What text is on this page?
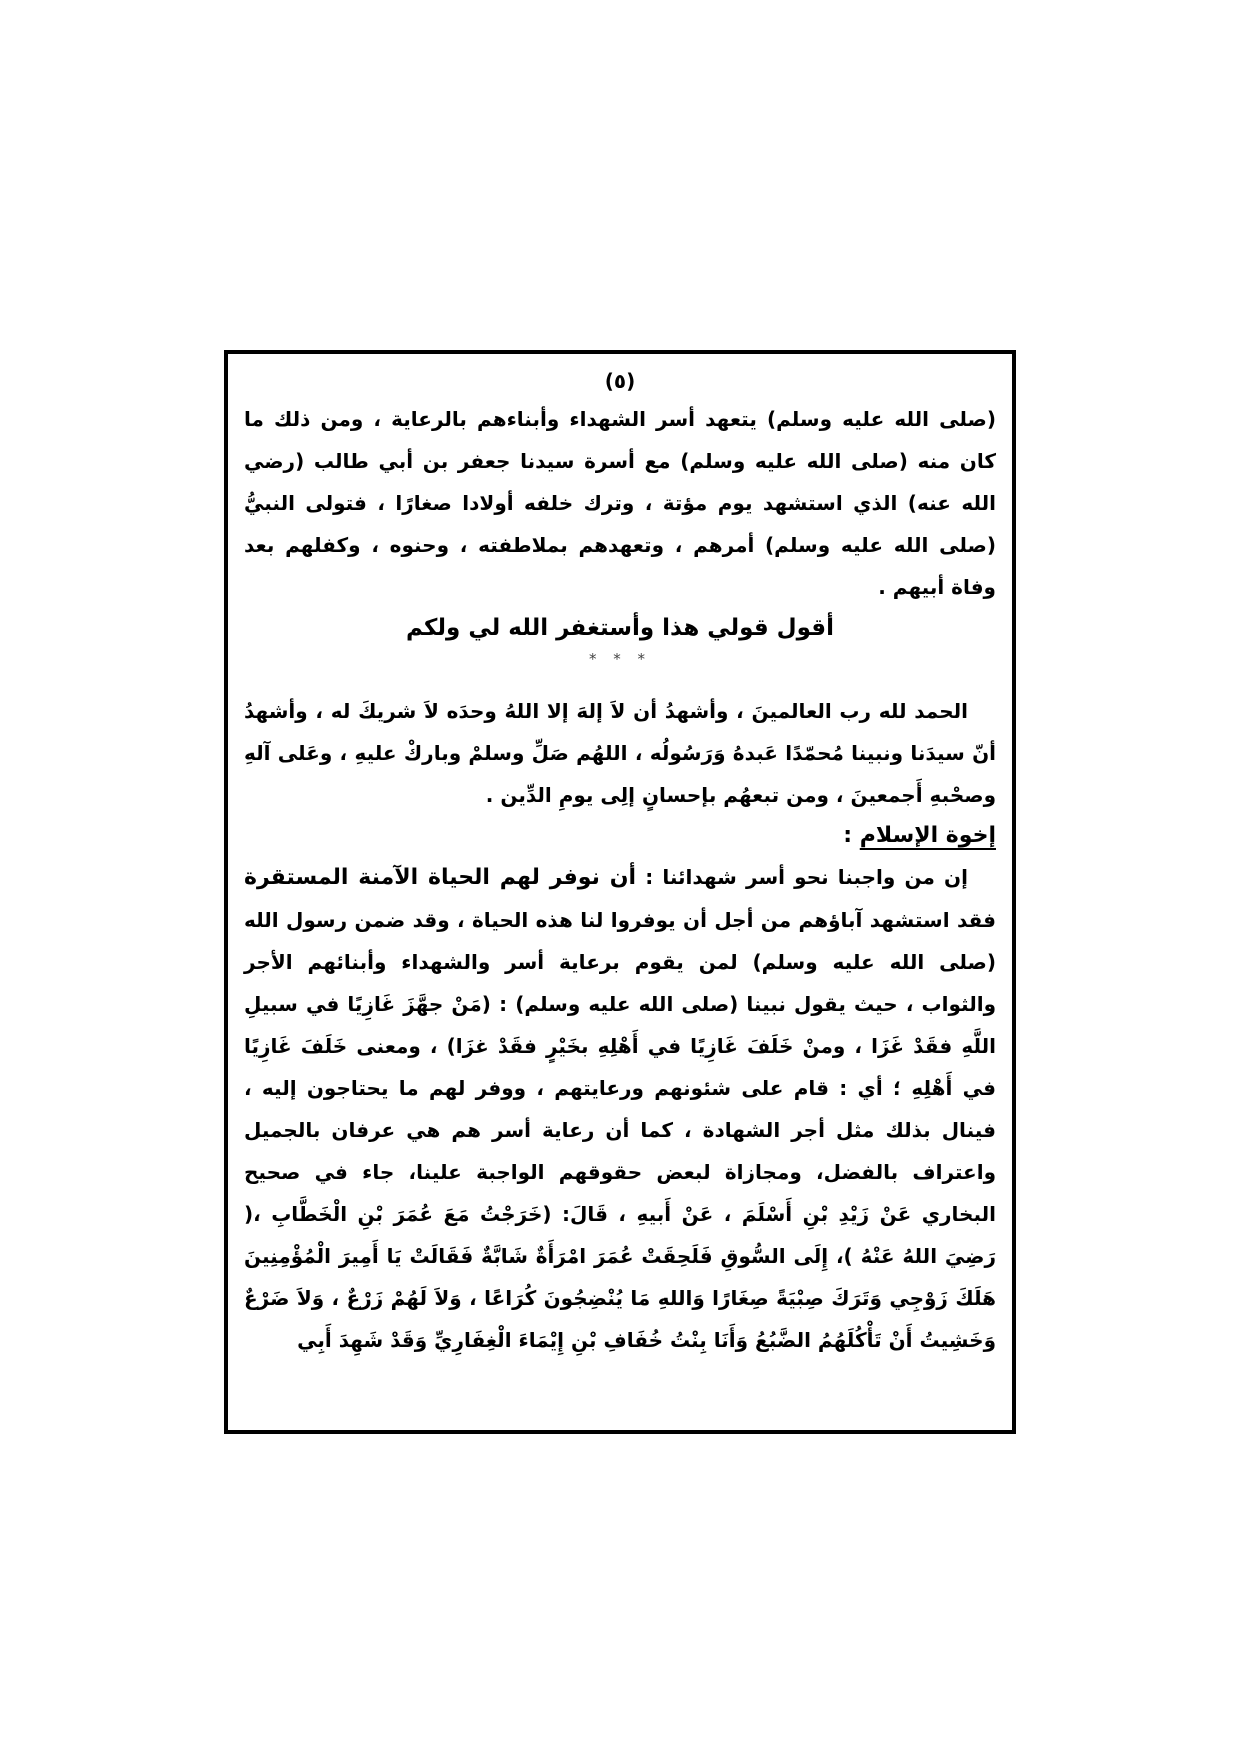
(٥)

(صلى الله عليه وسلم) يتعهد أسر الشهداء وأبناءهم بالرعاية ، ومن ذلك ما كان منه (صلى الله عليه وسلم) مع أسرة سيدنا جعفر بن أبي طالب (رضي الله عنه) الذي استشهد يوم مؤتة ، وترك خلفه أولادا صغارًا ، فتولى النبيُّ (صلى الله عليه وسلم) أمرهم ، وتعهدهم بملاطفته ، وحنوه ، وكفلهم بعد وفاة أبيهم .

أقول قولي هذا وأستغفر الله لي ولكم

* * *

الحمد لله رب العالمينَ ، وأشهدُ أن لاَ إلهَ إلا اللهُ وحدَه لاَ شريكَ له ، وأشهدُ أنّ سيدَنا ونبينا مُحمّدًا عَبدهُ وَرَسُولُه ، اللهُم صَلِّ وسلمْ وباركْ عليهِ ، وعَلى آلهِ وصحْبهِ أَجمعينَ ، ومن تبعهُم بإحسانٍ إلِى يومِ الدِّين .

إخوة الإسلام :

إن من واجبنا نحو أسر شهدائنا : أن نوفر لهم الحياة الآمنة المستقرة فقد استشهد آباؤهم من أجل أن يوفروا لنا هذه الحياة ، وقد ضمن رسول الله (صلى الله عليه وسلم) لمن يقوم برعاية أسر والشهداء وأبنائهم الأجر والثواب ، حيث يقول نبينا (صلى الله عليه وسلم) : (مَنْ جهَّزَ غَازِيًا في سبيلِ اللَّهِ فقَدْ غَزَا ، ومنْ خَلَفَ غَازِيًا في أَهْلِهِ بخَيْرٍ فقَدْ غزَا) ، ومعنى خَلَفَ غَازِيًا في أَهْلِهِ ؛ أي : قام على شئونهم ورعايتهم ، ووفر لهم ما يحتاجون إليه ، فينال بذلك مثل أجر الشهادة ، كما أن رعاية أسر هم هي عرفان بالجميل واعتراف بالفضل، ومجازاة لبعض حقوقهم الواجبة علينا، جاء في صحيح البخاري عَنْ زَيْدِ بْنِ أَسْلَمَ ، عَنْ أَبيهِ ، قَالَ: (خَرَجْتُ مَعَ عُمَرَ بْنِ الْخَطَّابِ ،( رَضِيَ اللهُ عَنْهُ )، إِلَى السُّوقِ فَلَحِقَتْ عُمَرَ امْرَأَةٌ شَابَّةٌ فَقَالَتْ يَا أَمِيرَ الْمُؤْمِنِينَ هَلَكَ زَوْجِي وَتَرَكَ صِبْيَةً صِغَارًا وَاللهِ مَا يُنْضِجُونَ كُرَاعًا ، وَلاَ لَهُمْ زَرْعٌ ، وَلاَ ضَرْعٌ وَخَشِيتُ أَنْ تَأْكُلَهُمُ الضَّبُعُ وَأَنَا بِنْتُ خُفَافِ بْنِ إِيْمَاءَ الْغِفَارِيِّ وَقَدْ شَهِدَ أَبِي
